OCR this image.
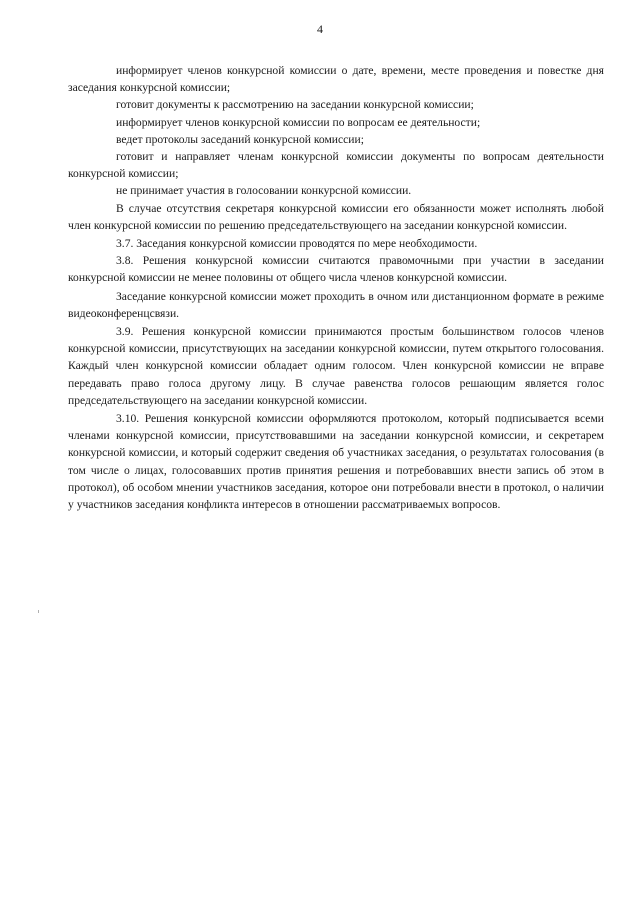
4

информирует членов конкурсной комиссии о дате, времени, месте проведения и повестке дня заседания конкурсной комиссии;

готовит документы к рассмотрению на заседании конкурсной комиссии;

информирует членов конкурсной комиссии по вопросам ее деятельности;

ведет протоколы заседаний конкурсной комиссии;

готовит и направляет членам конкурсной комиссии документы по вопросам деятельности конкурсной комиссии;

не принимает участия в голосовании конкурсной комиссии.

В случае отсутствия секретаря конкурсной комиссии его обязанности может исполнять любой член конкурсной комиссии по решению председательствующего на заседании конкурсной комиссии.

3.7. Заседания конкурсной комиссии проводятся по мере необходимости.

3.8. Решения конкурсной комиссии считаются правомочными при участии в заседании конкурсной комиссии не менее половины от общего числа членов конкурсной комиссии.

Заседание конкурсной комиссии может проходить в очном или дистанционном формате в режиме видеоконференцсвязи.

3.9. Решения конкурсной комиссии принимаются простым большинством голосов членов конкурсной комиссии, присутствующих на заседании конкурсной комиссии, путем открытого голосования. Каждый член конкурсной комиссии обладает одним голосом. Член конкурсной комиссии не вправе передавать право голоса другому лицу. В случае равенства голосов решающим является голос председательствующего на заседании конкурсной комиссии.

3.10. Решения конкурсной комиссии оформляются протоколом, который подписывается всеми членами конкурсной комиссии, присутствовавшими на заседании конкурсной комиссии, и секретарем конкурсной комиссии, и который содержит сведения об участниках заседания, о результатах голосования (в том числе о лицах, голосовавших против принятия решения и потребовавших внести запись об этом в протокол), об особом мнении участников заседания, которое они потребовали внести в протокол, о наличии у участников заседания конфликта интересов в отношении рассматриваемых вопросов.
